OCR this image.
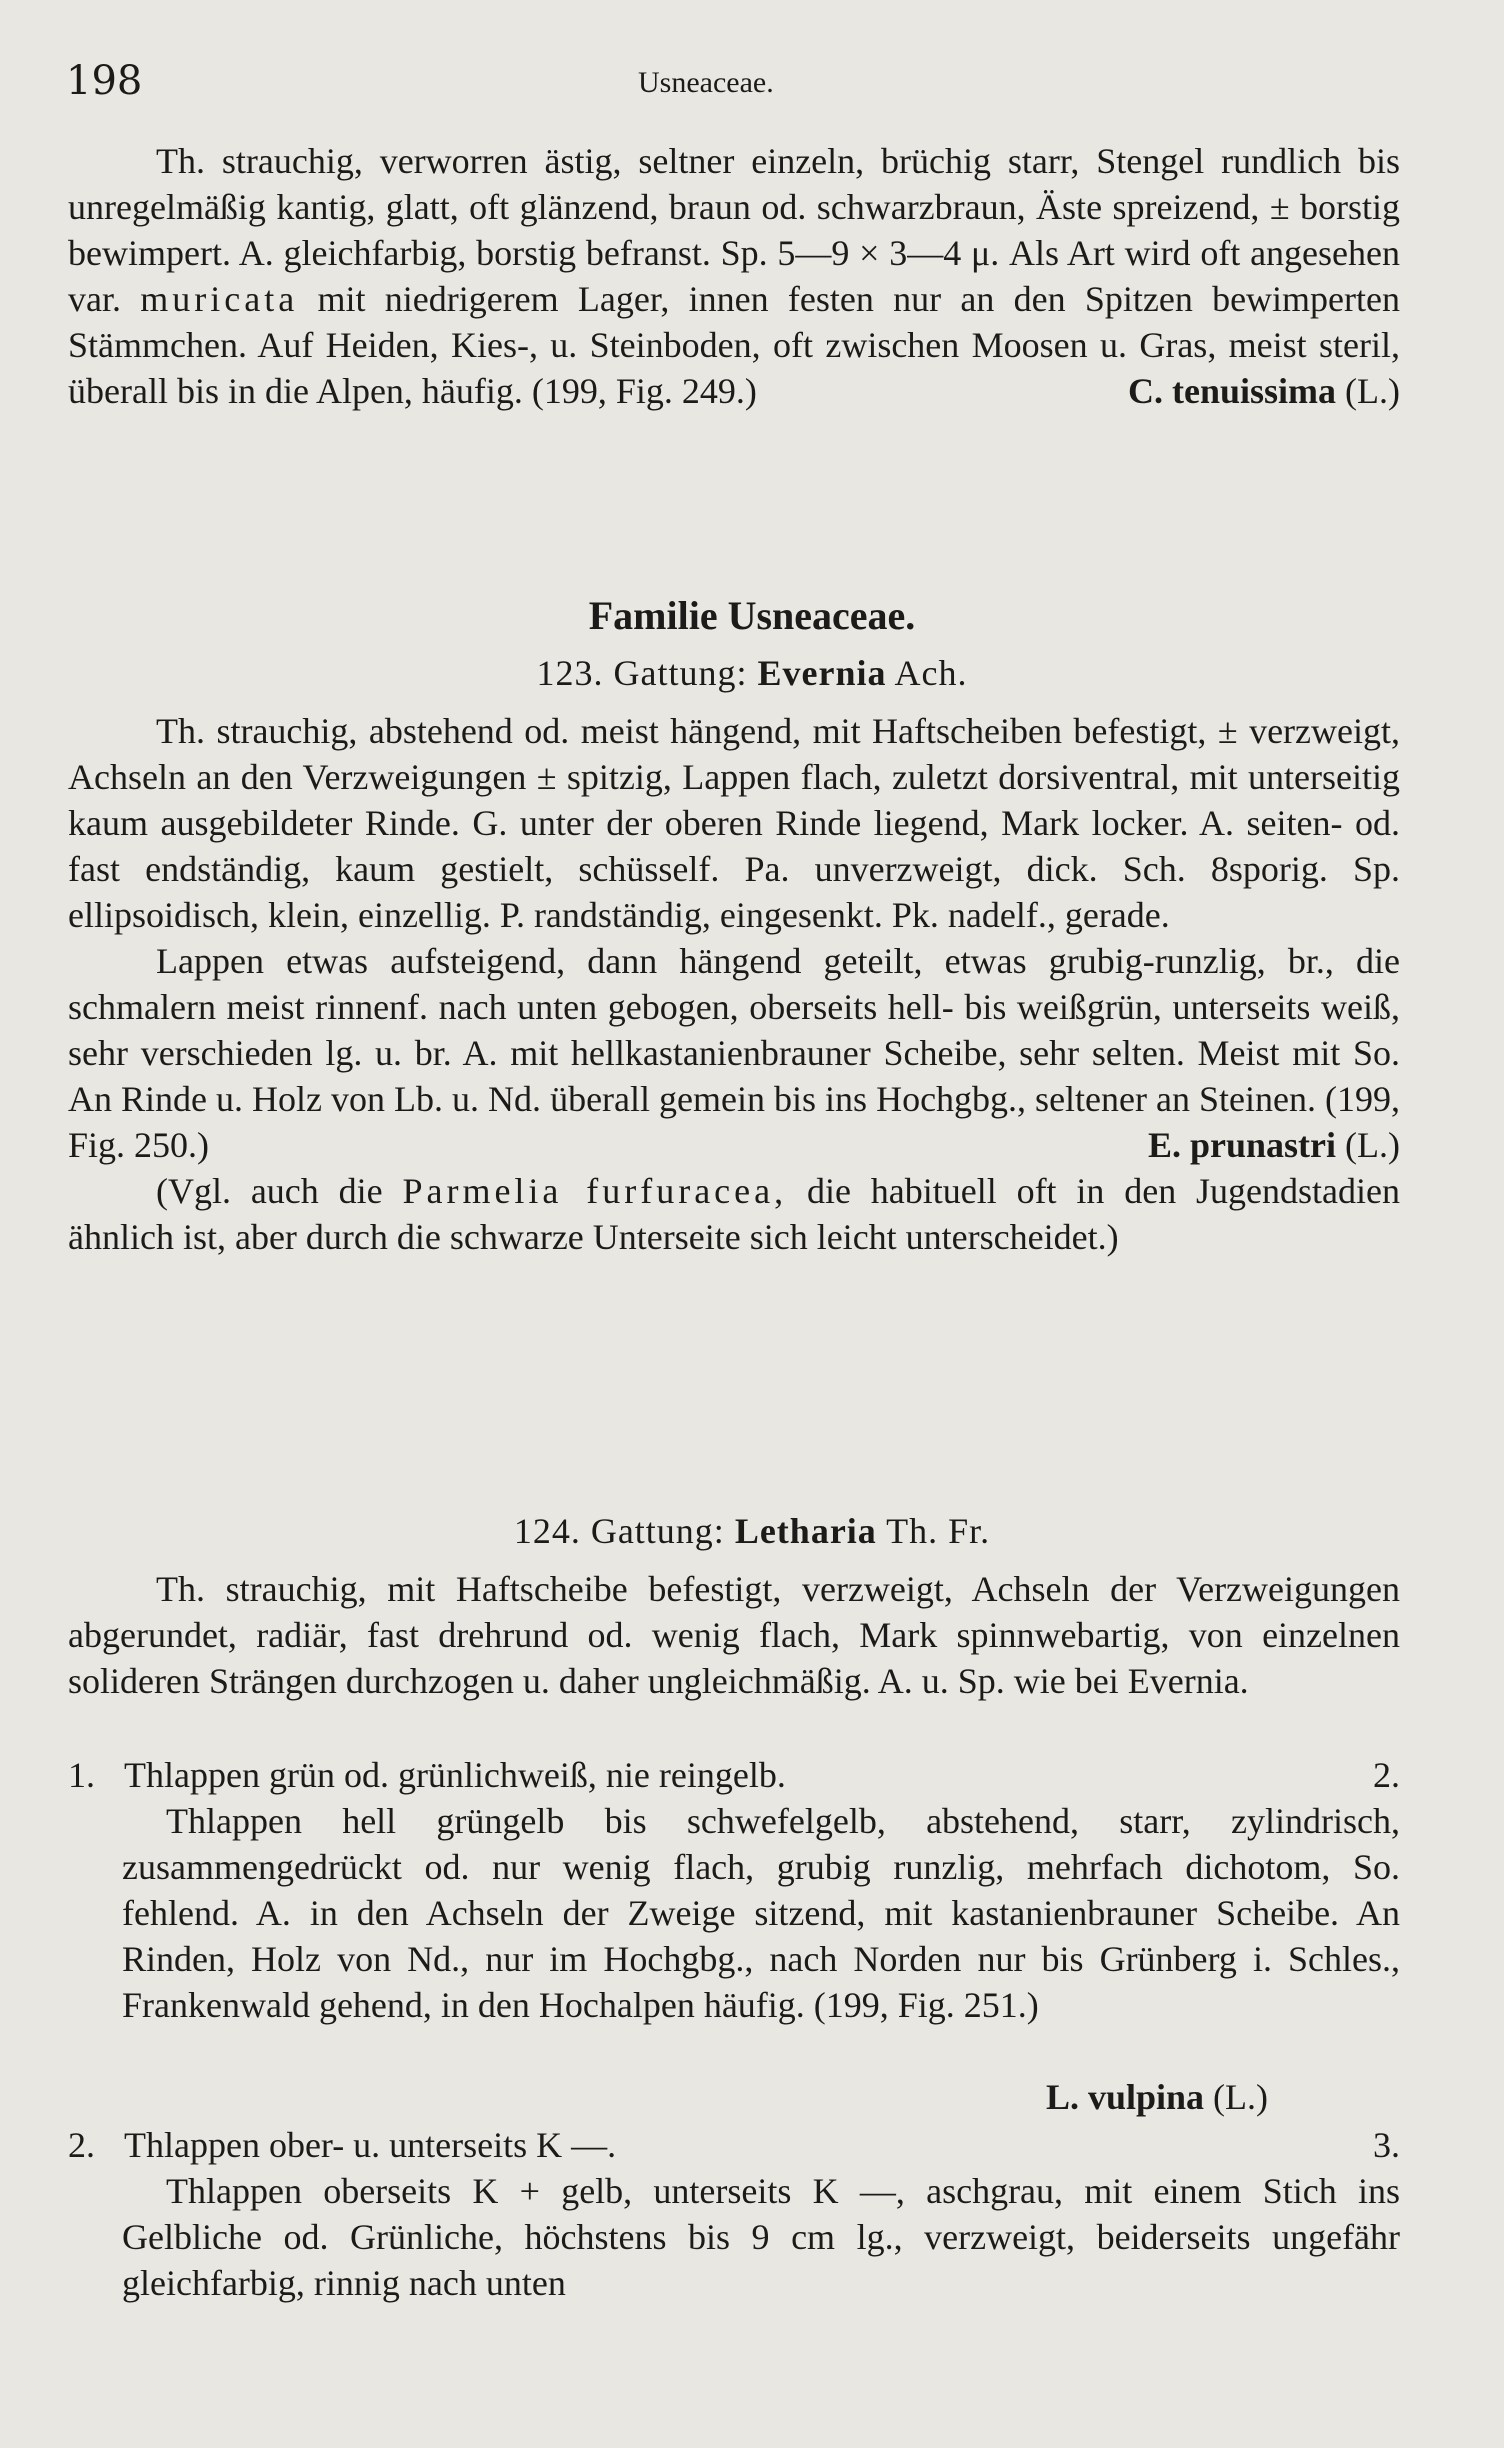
198	Usneaceae.

Th. strauchig, verworren ästig, seltner einzeln, brüchig starr, Stengel rundlich bis unregelmäßig kantig, glatt, oft glänzend, braun od. schwarzbraun, Äste spreizend, ± borstig bewimpert. A. gleichfarbig, borstig befranst. Sp. 5—9 × 3—4 μ. Als Art wird oft angesehen var. muricata mit niedrigerem Lager, innen festen nur an den Spitzen bewimperten Stämmchen. Auf Heiden, Kies-, u. Steinboden, oft zwischen Moosen u. Gras, meist steril, überall bis in die Alpen, häufig. (199, Fig. 249.)	C. tenuissima (L.)

Familie Usneaceae.
123. Gattung: Evernia Ach.

Th. strauchig, abstehend od. meist hängend, mit Haftscheiben befestigt, ± verzweigt, Achseln an den Verzweigungen ± spitzig, Lappen flach, zuletzt dorsiventral, mit unterseitig kaum ausgebildeter Rinde. G. unter der oberen Rinde liegend, Mark locker. A. seiten- od. fast endständig, kaum gestielt, schüsself. Pa. unverzweigt, dick. Sch. 8sporig. Sp. ellipsoidisch, klein, einzellig. P. randständig, eingesenkt. Pk. nadelf., gerade.

Lappen etwas aufsteigend, dann hängend geteilt, etwas grubig-runzlig, br., die schmalern meist rinnenf. nach unten gebogen, oberseits hell- bis weißgrün, unterseits weiß, sehr verschieden lg. u. br. A. mit hellkastanienbrauner Scheibe, sehr selten. Meist mit So. An Rinde u. Holz von Lb. u. Nd. überall gemein bis ins Hochgbg., seltener an Steinen. (199, Fig. 250.)	E. prunastri (L.)

(Vgl. auch die Parmelia furfuracea, die habituell oft in den Jugendstadien ähnlich ist, aber durch die schwarze Unterseite sich leicht unterscheidet.)

124. Gattung: Letharia Th. Fr.

Th. strauchig, mit Haftscheibe befestigt, verzweigt, Achseln der Verzweigungen abgerundet, radiär, fast drehrund od. wenig flach, Mark spinnwebartig, von einzelnen solideren Strängen durchzogen u. daher ungleichmäßig. A. u. Sp. wie bei Evernia.

1. Thlappen grün od. grünlichweiß, nie reingelb.	2.

Thlappen hell grüngelb bis schwefelgelb, abstehend, starr, zylindrisch, zusammengedrückt od. nur wenig flach, grubig runzlig, mehrfach dichotom, So. fehlend. A. in den Achseln der Zweige sitzend, mit kastanienbrauner Scheibe. An Rinden, Holz von Nd., nur im Hochgbg., nach Norden nur bis Grünberg i. Schles., Frankenwald gehend, in den Hochalpen häufig. (199, Fig. 251.)

L. vulpina (L.)
2. Thlappen ober- u. unterseits K —.	3.

Thlappen oberseits K + gelb, unterseits K —, aschgrau, mit einem Stich ins Gelbliche od. Grünliche, höchstens bis 9 cm lg., verzweigt, beiderseits ungefähr gleichfarbig, rinnig nach unten
